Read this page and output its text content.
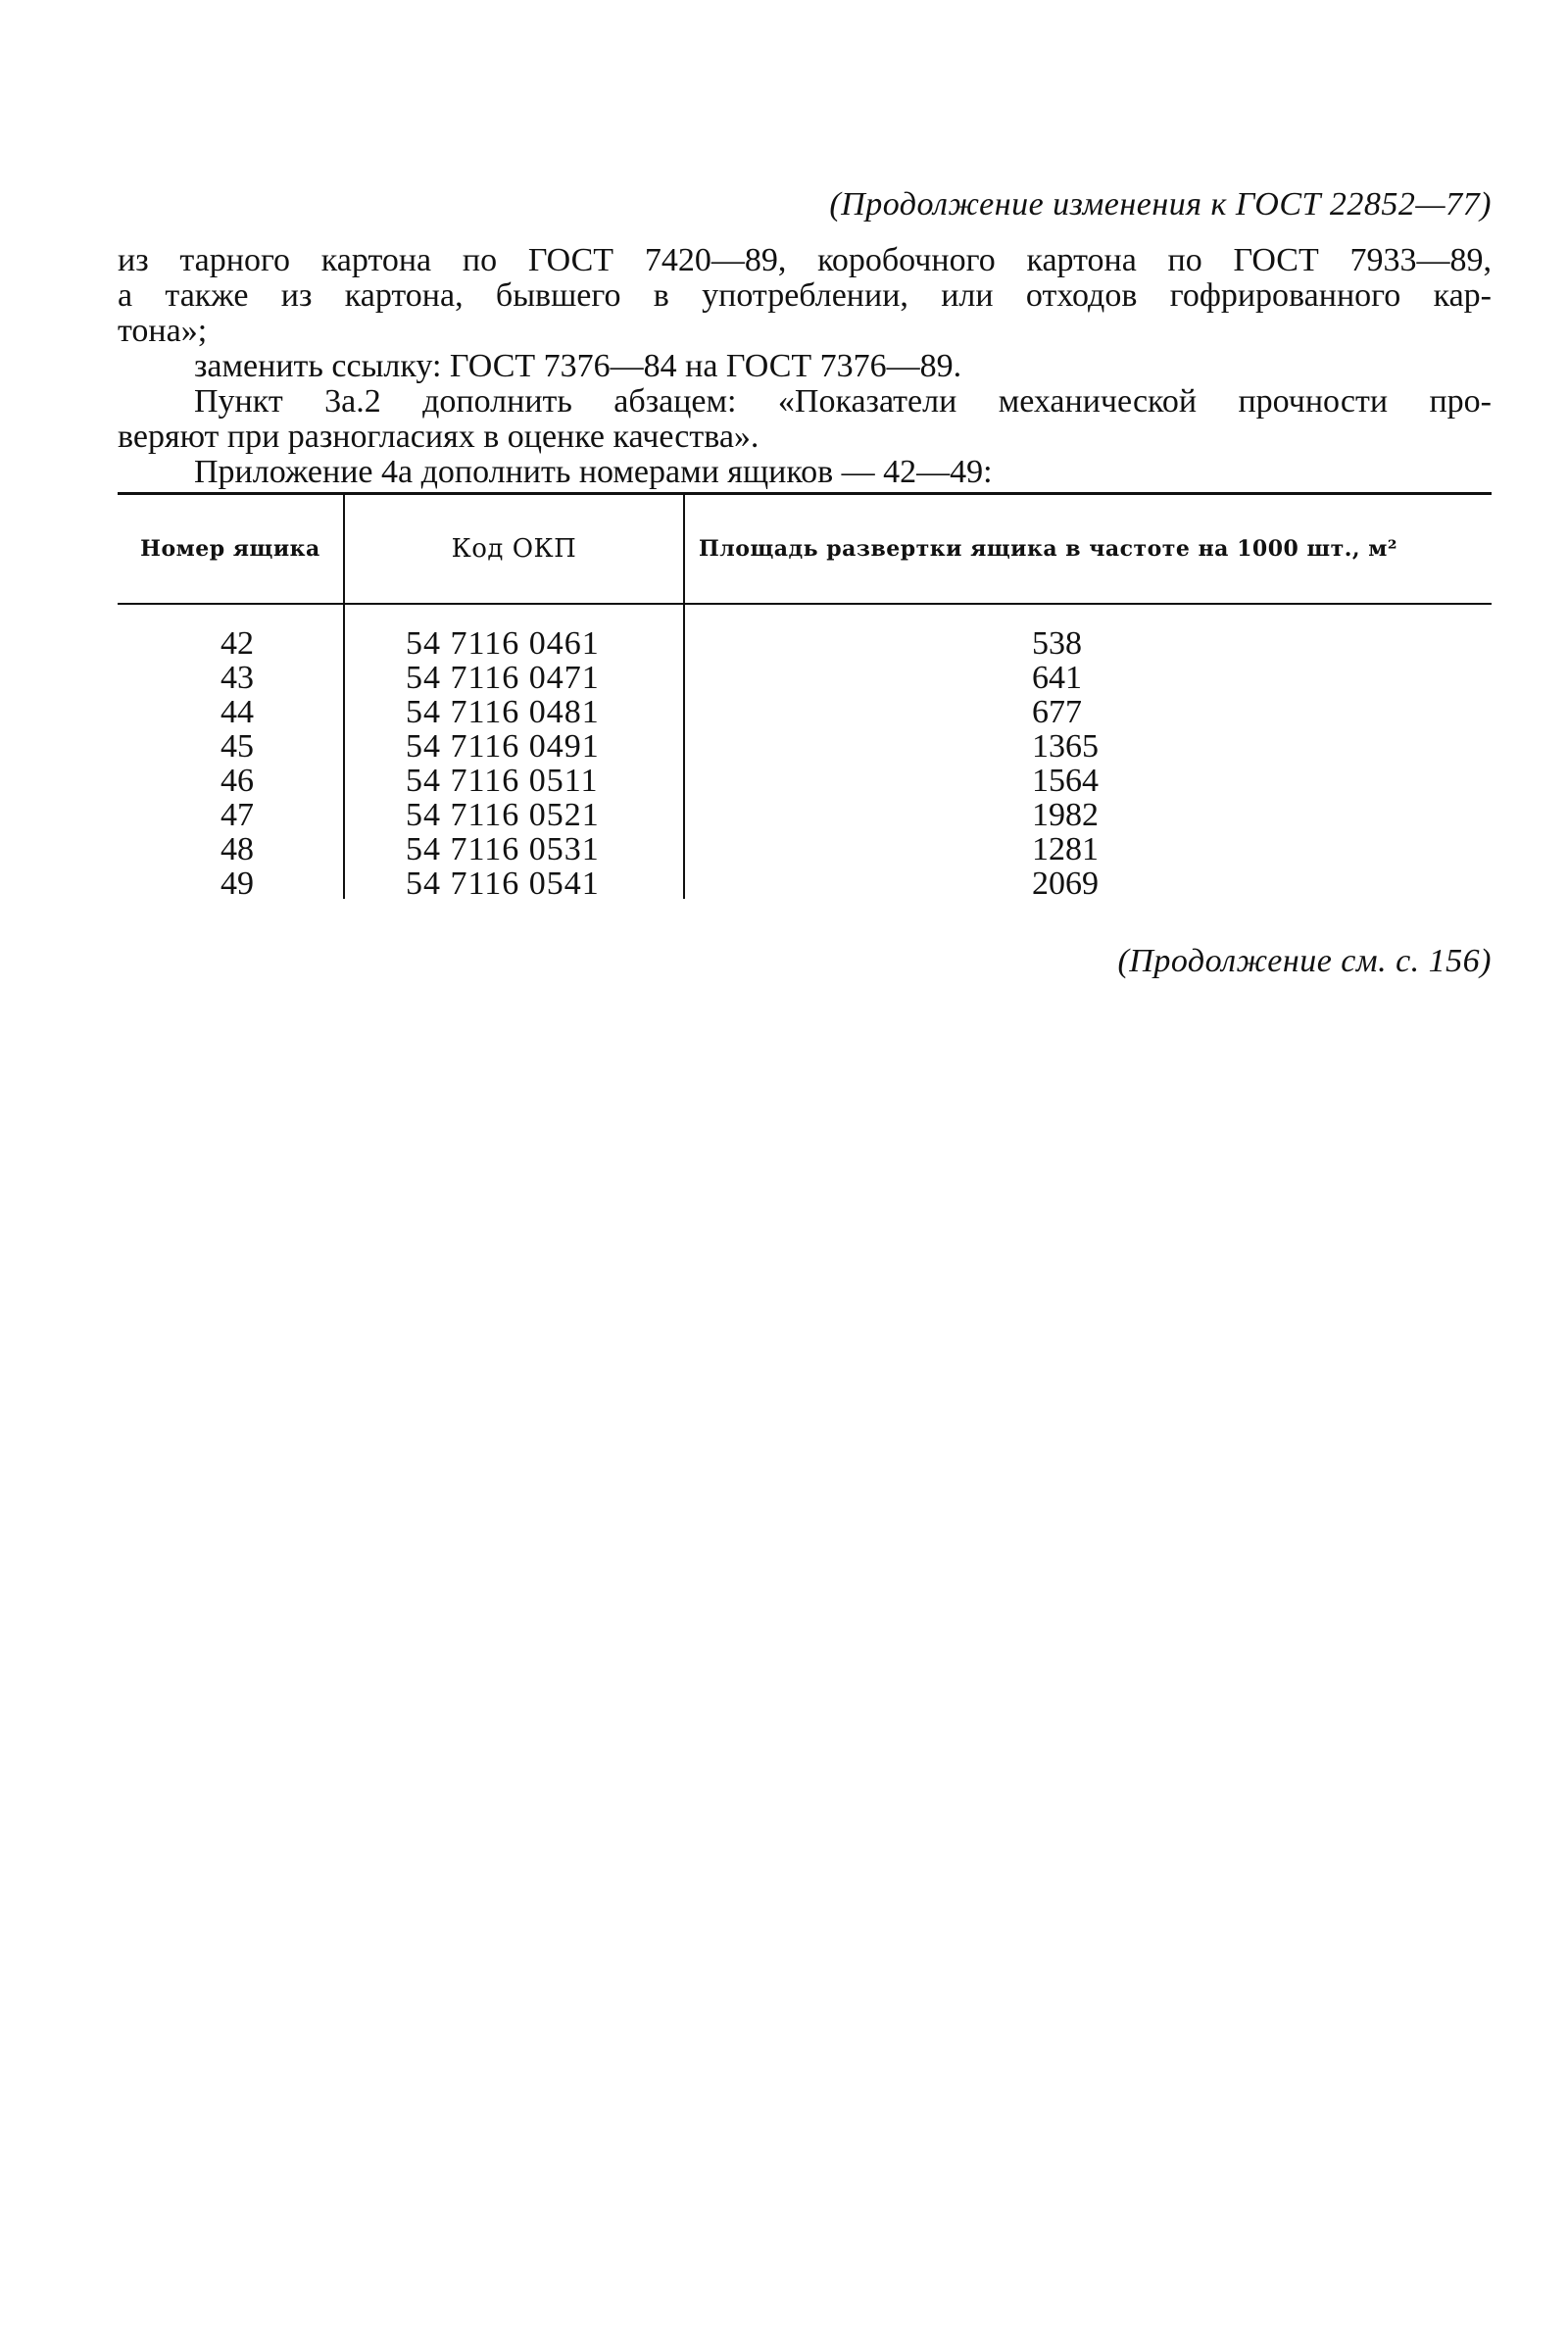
(Продолжение изменения к ГОСТ 22852—77)

из тарного картона по ГОСТ 7420—89, коробочного картона по ГОСТ 7933—89,

а также из картона, бывшего в употреблении, или отходов гофрированного кар-

тона»;

заменить ссылку: ГОСТ 7376—84 на ГОСТ 7376—89.

Пункт 3а.2 дополнить абзацем: «Показатели механической прочности про-

веряют при разногласиях в оценке качества».

Приложение 4а дополнить номерами ящиков — 42—49:

Номер ящика	Код ОКП	Площадь развертки ящика в частоте на 1000 шт., м²
42
43
44
45
46
47
48
49
54 7116 0461
54 7116 0471
54 7116 0481
54 7116 0491
54 7116 0511
54 7116 0521
54 7116 0531
54 7116 0541
538
641
677
1365
1564
1982
1281
2069
(Продолжение см. с. 156)
